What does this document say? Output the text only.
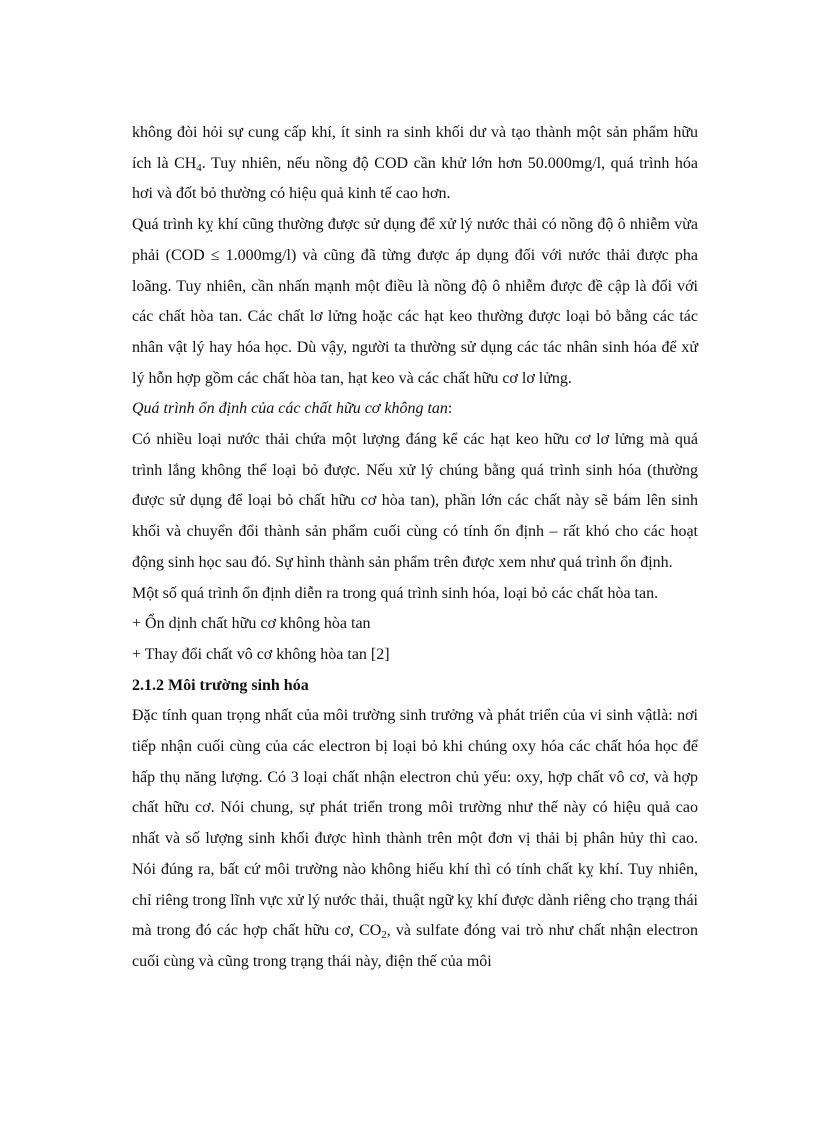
không đòi hỏi sự cung cấp khí, ít sinh ra sinh khối dư và tạo thành một sản phẩm hữu ích là $CH_4$. Tuy nhiên, nếu nồng độ COD cần khử lớn hơn 50.000mg/l, quá trình hóa hơi và đốt bỏ thường có hiệu quả kinh tế cao hơn.

Quá trình kỵ khí cũng thường được sử dụng để xử lý nước thải có nồng độ ô nhiễm vừa phải (COD ≤ 1.000mg/l) và cũng đã từng được áp dụng đối với nước thải được pha loãng. Tuy nhiên, cần nhấn mạnh một điều là nồng độ ô nhiễm được đề cập là đối với các chất hòa tan. Các chất lơ lửng hoặc các hạt keo thường được loại bỏ bằng các tác nhân vật lý hay hóa học. Dù vậy, người ta thường sử dụng các tác nhân sinh hóa để xử lý hỗn hợp gồm các chất hòa tan, hạt keo và các chất hữu cơ lơ lửng.

Quá trình ổn định của các chất hữu cơ không tan:

Có nhiều loại nước thải chứa một lượng đáng kể các hạt keo hữu cơ lơ lửng mà quá trình lắng không thể loại bỏ được. Nếu xử lý chúng bằng quá trình sinh hóa (thường được sử dụng để loại bỏ chất hữu cơ hòa tan), phần lớn các chất này sẽ bám lên sinh khối và chuyển đổi thành sản phẩm cuối cùng có tính ổn định – rất khó cho các hoạt động sinh học sau đó. Sự hình thành sản phẩm trên được xem như quá trình ổn định.

Một số quá trình ổn định diễn ra trong quá trình sinh hóa, loại bỏ các chất hòa tan.

+ Ổn dịnh chất hữu cơ không hòa tan

+ Thay đổi chất vô cơ không hòa tan [2]

2.1.2 Môi trường sinh hóa

Đặc tính quan trọng nhất của môi trường sinh trưởng và phát triển của vi sinh vậtlà: nơi tiếp nhận cuối cùng của các electron bị loại bỏ khi chúng oxy hóa các chất hóa học để hấp thụ năng lượng. Có 3 loại chất nhận electron chủ yếu: oxy, hợp chất vô cơ, và hợp chất hữu cơ. Nói chung, sự phát triển trong môi trường như thế này có hiệu quả cao nhất và số lượng sinh khối được hình thành trên một đơn vị thải bị phân hủy thì cao. Nói đúng ra, bất cứ môi trường nào không hiếu khí thì có tính chất kỵ khí. Tuy nhiên, chỉ riêng trong lĩnh vực xử lý nước thải, thuật ngữ kỵ khí được dành riêng cho trạng thái mà trong đó các hợp chất hữu cơ, $CO_2$, và sulfate đóng vai trò như chất nhận electron cuối cùng và cũng trong trạng thái này, điện thế của môi
